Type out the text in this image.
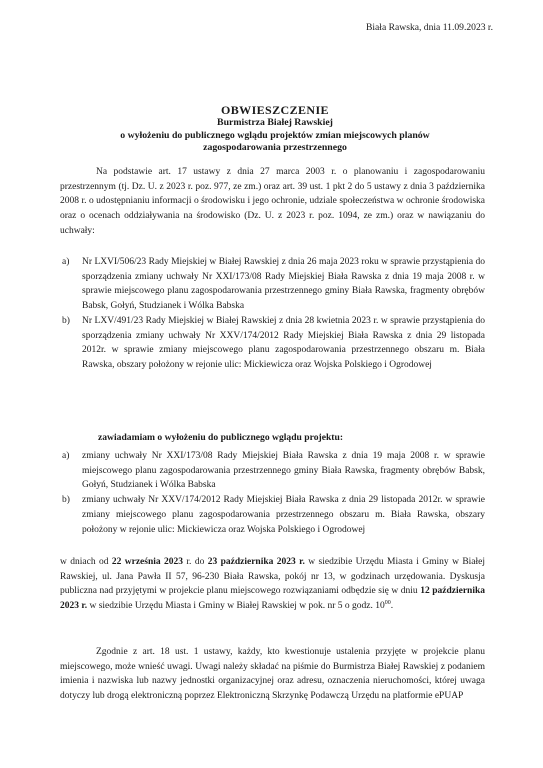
Biała Rawska, dnia 11.09.2023 r.
OBWIESZCZENIE
Burmistrza Białej Rawskiej
o wyłożeniu do publicznego wglądu projektów zmian miejscowych planów
zagospodarowania przestrzennego
Na podstawie art. 17 ustawy z dnia 27 marca 2003 r. o planowaniu i zagospodarowaniu przestrzennym (tj. Dz. U. z 2023 r. poz. 977, ze zm.) oraz art. 39 ust. 1 pkt 2 do 5 ustawy z dnia 3 października 2008 r. o udostępnianiu informacji o środowisku i jego ochronie, udziale społeczeństwa w ochronie środowiska oraz o ocenach oddziaływania na środowisko (Dz. U. z 2023 r. poz. 1094, ze zm.) oraz w nawiązaniu do uchwały:
a) Nr LXVI/506/23 Rady Miejskiej w Białej Rawskiej z dnia 26 maja 2023 roku w sprawie przystąpienia do sporządzenia zmiany uchwały Nr XXI/173/08 Rady Miejskiej Biała Rawska z dnia 19 maja 2008 r. w sprawie miejscowego planu zagospodarowania przestrzennego gminy Biała Rawska, fragmenty obrębów Babsk, Gołyń, Studzianek i Wólka Babska
b) Nr LXV/491/23 Rady Miejskiej w Białej Rawskiej z dnia 28 kwietnia 2023 r. w sprawie przystąpienia do sporządzenia zmiany uchwały Nr XXV/174/2012 Rady Miejskiej Biała Rawska z dnia 29 listopada 2012r. w sprawie zmiany miejscowego planu zagospodarowania przestrzennego obszaru m. Biała Rawska, obszary położony w rejonie ulic: Mickiewicza oraz Wojska Polskiego i Ogrodowej
zawiadamiam o wyłożeniu do publicznego wglądu projektu:
a) zmiany uchwały Nr XXI/173/08 Rady Miejskiej Biała Rawska z dnia 19 maja 2008 r. w sprawie miejscowego planu zagospodarowania przestrzennego gminy Biała Rawska, fragmenty obrębów Babsk, Gołyń, Studzianek i Wólka Babska
b) zmiany uchwały Nr XXV/174/2012 Rady Miejskiej Biała Rawska z dnia 29 listopada 2012r. w sprawie zmiany miejscowego planu zagospodarowania przestrzennego obszaru m. Biała Rawska, obszary położony w rejonie ulic: Mickiewicza oraz Wojska Polskiego i Ogrodowej
w dniach od 22 września 2023 r. do 23 października 2023 r. w siedzibie Urzędu Miasta i Gminy w Białej Rawskiej, ul. Jana Pawła II 57, 96-230 Biała Rawska, pokój nr 13, w godzinach urzędowania. Dyskusja publiczna nad przyjętymi w projekcie planu miejscowego rozwiązaniami odbędzie się w dniu 12 października 2023 r. w siedzibie Urzędu Miasta i Gminy w Białej Rawskiej w pok. nr 5 o godz. $10^{00}$.
Zgodnie z art. 18 ust. 1 ustawy, każdy, kto kwestionuje ustalenia przyjęte w projekcie planu miejscowego, może wnieść uwagi. Uwagi należy składać na piśmie do Burmistrza Białej Rawskiej z podaniem imienia i nazwiska lub nazwy jednostki organizacyjnej oraz adresu, oznaczenia nieruchomości, której uwaga dotyczy lub drogą elektroniczną poprzez Elektroniczną Skrzynkę Podawczą Urzędu na platformie ePUAP
